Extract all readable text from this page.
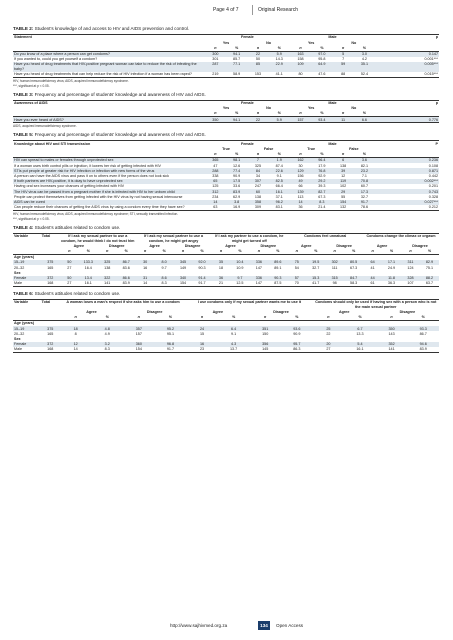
Page 4 of 7	Original Research
TABLE 2: Student's knowledge of and access to HIV and AIDS prevention and control.
Statement	Female				Male				p
	Yes		No		Yes		No		
	n	%	n	%	n	%	n	%	
Do you know of a place where a person can get condoms?	300	94.1	22	5.9	163	97.0	5	3.0	0.147
If you wanted to, could you get yourself a condom?	301	85.7	50	14.3	158	95.8	7	4.2	0.001***
Have you heard of drug treatments that HIV-positive pregnant woman can take to reduce the risk of infecting the baby?	287	77.1	85	22.9	109	64.9	59	35.1	0.005***
Have you heard of drug treatments that can help reduce the risk of HIV infection if a woman has been raped?	219	58.9	153	41.1	80	47.6	88	52.4	0.015***
HIV, human immunodeficiency virus; AIDS, acquired immunodeficiency syndrome.
***, significant at p < 0.05.
TABLE 3: Frequency and percentage of students' knowledge and awareness of HIV and AIDS.
Awareness of AIDS	Female				Male				p
	Yes		No		Yes		No		
	n	%	n	%	n	%	n	%	
Have you ever heard of AIDS?	350	94.1	22	5.9	157	93.4	11	6.6	0.776
AIDS, acquired immunodeficiency syndrome.
TABLE 5: Frequency and percentage of students' knowledge and awareness of HIV and AIDS.
Knowledge about HIV and STI transmission	Female				Male				P
	True		False		True		False		
	n	%	n	%	n	%	n	%	
HIV can spread to males or females through unprotected sex	365	98.1	7	1.9	162	96.4	6	3.6	0.236
If a woman uses birth control pills or injection, it lowers her risk of getting infected with HIV	47	12.6	325	87.4	30	17.9	138	82.1	0.108
STIs put people at greater risk for HIV infection or infection with new forms of the virus	288	77.4	84	22.6	129	76.8	39	23.2	0.871
A person can have the AIDS virus and pass it on to others even if the person does not look sick	338	90.9	34	9.1	156	92.9	12	7.1	0.442
If both partners are HIV-positive, it is okay to have unprotected sex	65	17.5	307	82.5	49	29.2	119	70.8	0.002***
Having oral sex increases your chances of getting infected with HIV	125	33.6	247	66.4	66	39.3	102	60.7	0.201
The HIV virus can be passed from a pregnant mother if she is infected with HIV to her unborn child	312	83.9	60	16.1	139	82.7	29	17.3	0.743
People can protect themselves from getting infected with the HIV virus by not having sexual intercourse	234	62.9	138	37.1	113	67.3	55	32.7	0.328
AIDS can be cured	14	3.8	358	96.2	14	8.3	154	91.7	0.027***
Can people reduce their chances of getting the AIDS virus by using a condom every time they have sex?	63	16.9	309	83.1	36	21.4	132	78.6	0.212
HIV, human immunodeficiency virus; AIDS, acquired immunodeficiency syndrome; STI, sexually transmitted infection.
***, significant at p < 0.05.
TABLE 4: Student's attitudes related to condom use.
Variable	Total	If I ask my sexual partner to use a condom, he would think I do not trust him				If I ask my sexual partner to use a condom, he might get angry				If I ask my partner to use a condom, he might get turned off				Condoms feel unnatural				Condoms change the climax or orgasm			
		Agree		Disagree		Agree		Disagree		Agree		Disagree		Agree		Disagree		Agree		Disagree	
		n	%	n	%	n	%	n	%	n	%	n	%	n	%	n	%	n	%	n	%
Age (years)																					
15–19	375	50	133.3	325	86.7	30	8.0	345	92.0	35	10.4	336	89.6	75	19.5	302	80.5	64	17.1	311	82.9
20–32	165	27	16.4	138	83.6	16	9.7	149	90.3	18	10.9	147	89.1	54	32.7	111	67.3	41	24.9	124	75.1
Sex																					
Female	372	50	13.4	322	86.6	31	8.6	340	91.4	36	9.7	336	90.3	57	15.3	315	84.7	44	11.8	328	88.2
Male	168	27	16.1	141	83.9	14	8.3	154	91.7	21	12.5	147	87.5	70	41.7	98	58.3	61	36.3	107	63.7
TABLE 6: Student's attitudes related to condom use.
Variable	Total	A woman loses a man's respect if she asks him to use a condom				I use condoms only if my sexual partner wants me to use it				Condoms should only be used if having sex with a person who is not the main sexual partner			
		Agree		Disagree		Agree		Disagree		Agree		Disagree	
		n	%	n	%	n	%	n	%	n	%	n	%
Age (years)													
15–19	375	18	4.8	357	95.2	24	6.4	351	93.6	25	6.7	350	93.3
20–32	165	8	4.9	157	95.1	15	9.1	150	90.9	22	13.3	143	86.7
Sex													
Female	372	12	3.2	360	96.8	16	4.3	356	95.7	20	5.4	352	94.6
Male	168	14	8.3	154	91.7	23	13.7	145	86.3	27	16.1	141	83.9
http://www.sajhivmed.org.za	134	Open Access
